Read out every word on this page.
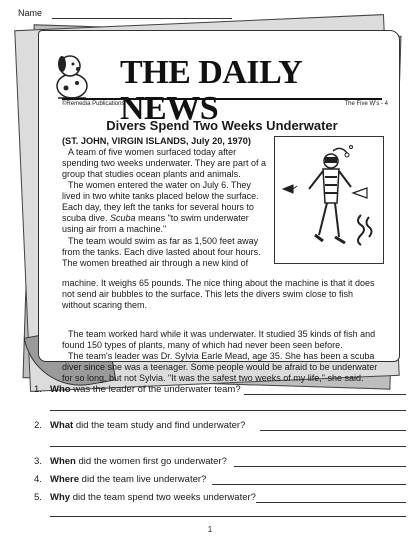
Name
THE DAILY NEWS
©Remedia Publications	The Five W's - 4
Divers Spend Two Weeks Underwater
(ST. JOHN, VIRGIN ISLANDS, July 20, 1970)
A team of five women surfaced today after spending two weeks underwater. They are part of a group that studies ocean plants and animals.
The women entered the water on July 6. They lived in two white tanks placed below the surface. Each day, they left the tanks for several hours to scuba dive. Scuba means "to swim underwater using air from a machine."
The team would swim as far as 1,500 feet away from the tanks. Each dive lasted about four hours. The women breathed air through a new kind of
machine. It weighs 65 pounds. The nice thing about the machine is that it does not send air bubbles to the surface. This lets the divers swim close to fish without scaring them.
The team worked hard while it was underwater. It studied 35 kinds of fish and found 150 types of plants, many of which had never been seen before.
The team's leader was Dr. Sylvia Earle Mead, age 35. She has been a scuba diver since she was a teenager. Some people would be afraid to be underwater for so long, but not Sylvia. "It was the safest two weeks of my life," she said.
1. Who was the leader of the underwater team?
2. What did the team study and find underwater?
3. When did the women first go underwater?
4. Where did the team live underwater?
5. Why did the team spend two weeks underwater?
1
